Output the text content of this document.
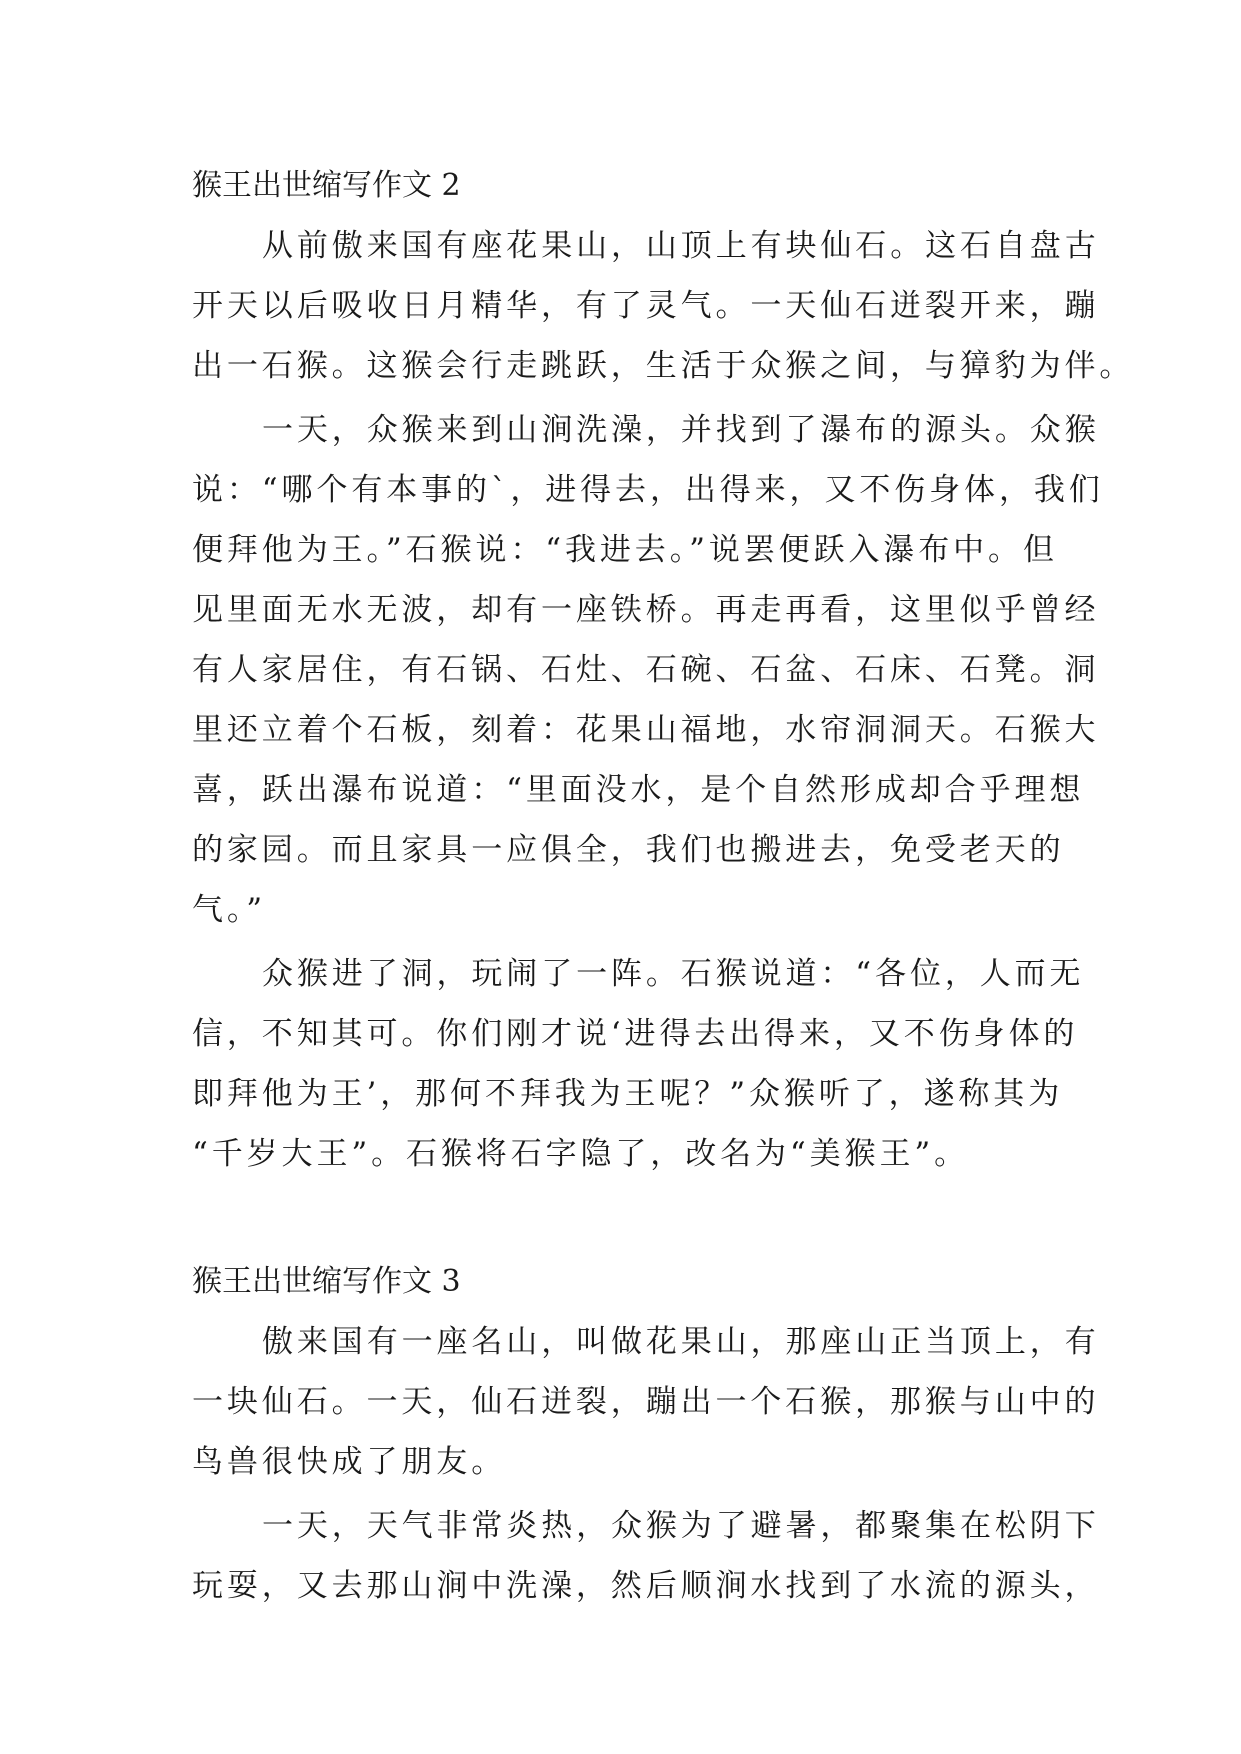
猴王出世缩写作文 2

从前傲来国有座花果山，山顶上有块仙石。这石自盘古
开天以后吸收日月精华，有了灵气。一天仙石迸裂开来，蹦
出一石猴。这猴会行走跳跃，生活于众猴之间，与獐豹为伴。

一天，众猴来到山涧洗澡，并找到了瀑布的源头。众猴
说：“哪个有本事的`，进得去，出得来，又不伤身体，我们
便拜他为王。”石猴说：“我进去。”说罢便跃入瀑布中。但
见里面无水无波，却有一座铁桥。再走再看，这里似乎曾经
有人家居住，有石锅、石灶、石碗、石盆、石床、石凳。洞
里还立着个石板，刻着：花果山福地，水帘洞洞天。石猴大
喜，跃出瀑布说道：“里面没水，是个自然形成却合乎理想
的家园。而且家具一应俱全，我们也搬进去，免受老天的
气。”

众猴进了洞，玩闹了一阵。石猴说道：“各位，人而无
信，不知其可。你们刚才说‘进得去出得来，又不伤身体的
即拜他为王’，那何不拜我为王呢？”众猴听了，遂称其为
“千岁大王”。石猴将石字隐了，改名为“美猴王”。

猴王出世缩写作文 3

傲来国有一座名山，叫做花果山，那座山正当顶上，有
一块仙石。一天，仙石迸裂，蹦出一个石猴，那猴与山中的
鸟兽很快成了朋友。

一天，天气非常炎热，众猴为了避暑，都聚集在松阴下
玩耍，又去那山涧中洗澡，然后顺涧水找到了水流的源头，
